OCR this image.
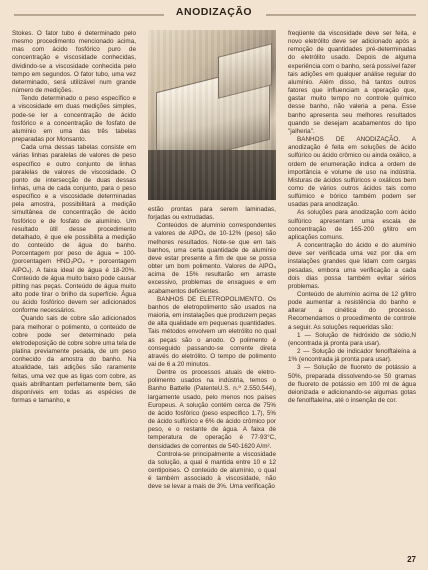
ANODIZAÇÃO

Stokes. O fator tubo é determinado pelo mesmo procedimento mencionado acima, mas com ácido fosfórico puro de concentração e viscosidade conhecidas, dividindo-se a viscosidade conhecida pelo tempo em segundos. O fator tubo, uma vez determinado, será utilizável num grande número de medições.

Tendo determinado o peso específico e a viscosidade em duas medições simples, pode-se ler a concentração de ácido fosfórico e a concentração de fosfato de alumínio em uma das três tabelas preparadas por Monsanto.

Cada uma dessas tabelas consiste em várias linhas paralelas de valores de peso específico e outro conjunto de linhas paralelas de valores de viscosidade. O ponto de intersecção de duas dessas linhas, uma de cada conjunto, para o peso específico e a viscosidade determinadas pela amostra, possibilitará a medição simultânea de concentração de ácido fosfórico e de fosfato de alumínio. Um resultado útil desse procedimento detalhado, é que ele possibilita a medição do conteúdo de água do banho. Porcentagem por peso de água = 100- (porcentagem HNO₃PO₄ + porcentagem AlPO₄). A faixa ideal de água é 18-20%. Conteúdo de água muito baixo pode causar pitting nas peças. Conteúdo de água muito alto pode tirar o brilho da superfície. Água ou ácido fosfórico devem ser adicionados conforme necessários.

Quando sais de cobre são adicionados para melhorar o polimento, o conteúdo de cobre pode ser determinado pela eletrodeposição de cobre sobre uma tela de platina previamente pesada, de um peso conhecido da amostra do banho. Na atualidade, tais adições são raramente feitas, uma vez que as ligas com cobre, as quais abrilhantam perfeitamente bem, são disponíveis em todas as espécies de formas e tamanho, e

estão prontas para serem laminadas, forjadas ou extrudadas.

Conteúdos de alumínio correspondentes a valores de AlPO₄ de 10-12% (peso) são melhores resultados. Note-se que em tais banhos, uma certa quantidade de alumínio deve estar presente a fim de que se possa obter um bom polimento. Valores de AlPO₄ acima de 15% resultarão em arraste excessivo, problemas de enxagues e em acabamentos deficientes.

BANHOS DE ELETROPOLIMENTO. Os banhos de eletropolimento são usados na maioria, em instalações que produzem peças de alta qualidade em pequenas quantidades. Tais métodos envolvem um eletrólito no qual as peças são o anodo. O polimento é conseguido passando-se corrente direta através do eletrólito. O tempo de polimento vai de 6 a 20 minutos.

Dentre os processos atuais de eletro-polimento usados na indústria, temos o Banho Battelle (PatenteU.S. n.º 2.550.544), largamente usado, pelo menos nos países Europeus. A solução contém cerca de 75% de ácido fosfórico (peso específico 1.7), 5% de ácido sulfúrico e 6% de ácido crômico por peso, e o restante de água. A faixa de temperatura de operação é 77-93°C, densidades de correntes de 540-1620 A/m².

Controla-se principalmente a viscosidade da solução, a qual é mantida entre 10 e 12 centipoises. O conteúdo de alumínio, o qual é também associado à viscosidade, não deve se levar a mais de 3%. Uma verificação

freqüente da viscosidade deve ser feita, e novo eletrólito deve ser adicionado após a remoção de quantidades pré-determinadas do eletrólito usado. Depois de alguma experiência com o banho, será possível fazer tais adições em qualquer análise regular do alumínio. Além disso, há tantos outros fatores que influenciam a operação que, gastar muito tempo no controle químico desse banho, não valeria a pena. Esse banho apresenta seu melhores resultados quando se desejam acabamentos do tipo "jalheria".

BANHOS DE ANODIZAÇÃO. A anodização é feita em soluções de ácido sulfúrico ou ácido crômico ou ainda oxálico, a ordem de enumeração indica a ordem de importância e volume de uso na indústria. Misturas de ácidos sulfúricos e oxálicos bem como de vários outros ácidos tais como sulfúmico e bórico também podem ser usadas para anodização.

As soluções para anodização com ácido sulfúrico apresentam uma escala de concentração de 165-200 g/litro em aplicações comuns.

A concentração do ácido e do alumínio deve ser verificada uma vez por dia em instalações grandes que lidam com cargas pesadas, embora uma verificação a cada dois dias possa também evitar sérios problemas.

Conteúdo de alumínio acima de 12 g/litro pode aumentar a resistência do banho e alterar a cinética do processo. Recomendamos o procedimento de controle a seguir. As soluções requeridas são:

1 — Solução de hidróxido de sódio,N (encontrada já pronta para usar).

2 — Solução de indicador fenolftaleína a 1% (encontrada já pronta para usar).

3 — Solução de fluoreto de potássio a 50%, preparada dissolvendo-se 50 gramas de fluoreto de potássio em 100 ml de água deionizada e adicionando-se algumas gotas de fenolftaleína, até o insenção de cor.

27
